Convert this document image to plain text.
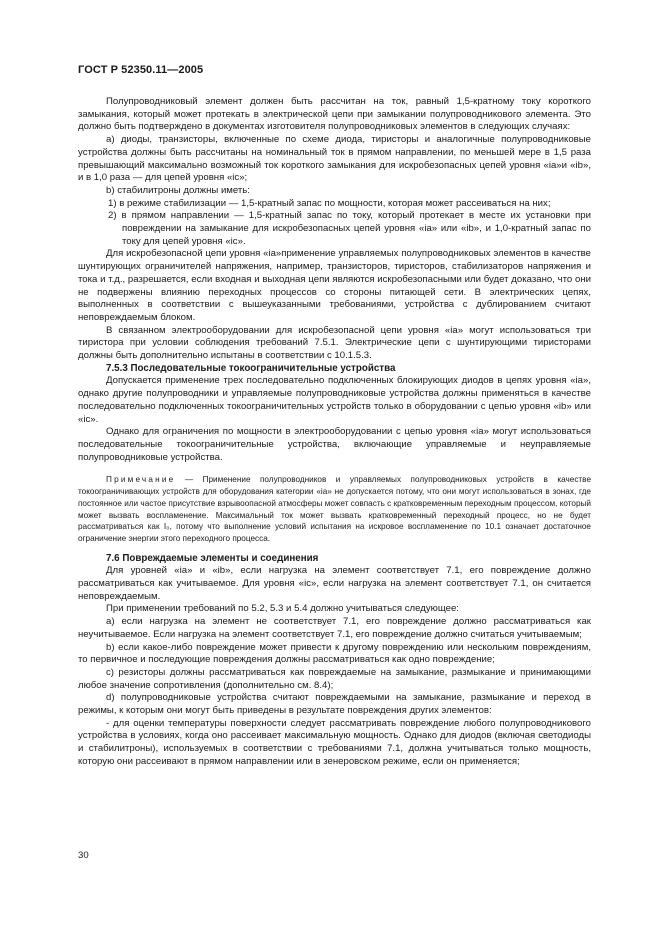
ГОСТ Р 52350.11—2005

Полупроводниковый элемент должен быть рассчитан на ток, равный 1,5-кратному току короткого замыкания, который может протекать в электрической цепи при замыкании полупроводникового элемента. Это должно быть подтверждено в документах изготовителя полупроводниковых элементов в следующих случаях:

a) диоды, транзисторы, включенные по схеме диода, тиристоры и аналогичные полупроводниковые устройства должны быть рассчитаны на номинальный ток в прямом направлении, по меньшей мере в 1,5 раза превышающий максимально возможный ток короткого замыкания для искробезопасных цепей уровня «ia»и «ib», и в 1,0 раза — для цепей уровня «ic»;

b) стабилитроны должны иметь:

1) в режиме стабилизации — 1,5-кратный запас по мощности, которая может рассеиваться на них;

2) в прямом направлении — 1,5-кратный запас по току, который протекает в месте их установки при повреждении на замыкание для искробезопасных цепей уровня «ia» или «ib», и 1,0-кратный запас по току для цепей уровня «ic».

Для искробезопасной цепи уровня «ia»применение управляемых полупроводниковых элементов в качестве шунтирующих ограничителей напряжения, например, транзисторов, тиристоров, стабилизаторов напряжения и тока и т.д., разрешается, если входная и выходная цепи являются искробезопасными или будет доказано, что они не подвержены влиянию переходных процессов со стороны питающей сети. В электрических цепях, выполненных в соответствии с вышеуказанными требованиями, устройства с дублированием считают неповреждаемым блоком.

В связанном электрооборудовании для искробезопасной цепи уровня «ia» могут использоваться три тиристора при условии соблюдения требований 7.5.1. Электрические цепи с шунтирующими тиристорами должны быть дополнительно испытаны в соответствии с 10.1.5.3.

7.5.3 Последовательные токоограничительные устройства

Допускается применение трех последовательно подключенных блокирующих диодов в цепях уровня «ia», однако другие полупроводники и управляемые полупроводниковые устройства должны применяться в качестве последовательно подключенных токоограничительных устройств только в оборудовании с цепью уровня «ib» или «ic».

Однако для ограничения по мощности в электрооборудовании с цепью уровня «ia» могут использоваться последовательные токоограничительные устройства, включающие управляемые и неуправляемые полупроводниковые устройства.

Примечание — Применение полупроводников и управляемых полупроводниковых устройств в качестве токоограничивающих устройств для оборудования категории «ia» не допускается потому, что они могут использоваться в зонах, где постоянное или частое присутствие взрывоопасной атмосферы может совпасть с кратковременным переходным процессом, который может вызвать воспламенение. Максимальный ток может вызвать кратковременный переходный процесс, но не будет рассматриваться как I₀, потому что выполнение условий испытания на искровое воспламенение по 10.1 означает достаточное ограничение энергии этого переходного процесса.

7.6 Повреждаемые элементы и соединения

Для уровней «ia» и «ib», если нагрузка на элемент соответствует 7.1, его повреждение должно рассматриваться как учитываемое. Для уровня «ic», если нагрузка на элемент соответствует 7.1, он считается неповреждаемым.

При применении требований по 5.2, 5.3 и 5.4 должно учитываться следующее:

a) если нагрузка на элемент не соответствует 7.1, его повреждение должно рассматриваться как неучитываемое. Если нагрузка на элемент соответствует 7.1, его повреждение должно считаться учитываемым;

b) если какое-либо повреждение может привести к другому повреждению или нескольким повреждениям, то первичное и последующие повреждения должны рассматриваться как одно повреждение;

c) резисторы должны рассматриваться как повреждаемые на замыкание, размыкание и принимающими любое значение сопротивления (дополнительно см. 8.4);

d) полупроводниковые устройства считают повреждаемыми на замыкание, размыкание и переход в режимы, к которым они могут быть приведены в результате повреждения других элементов:

- для оценки температуры поверхности следует рассматривать повреждение любого полупроводникового устройства в условиях, когда оно рассеивает максимальную мощность. Однако для диодов (включая светодиоды и стабилитроны), используемых в соответствии с требованиями 7.1, должна учитываться только мощность, которую они рассеивают в прямом направлении или в зенеровском режиме, если он применяется;

30
